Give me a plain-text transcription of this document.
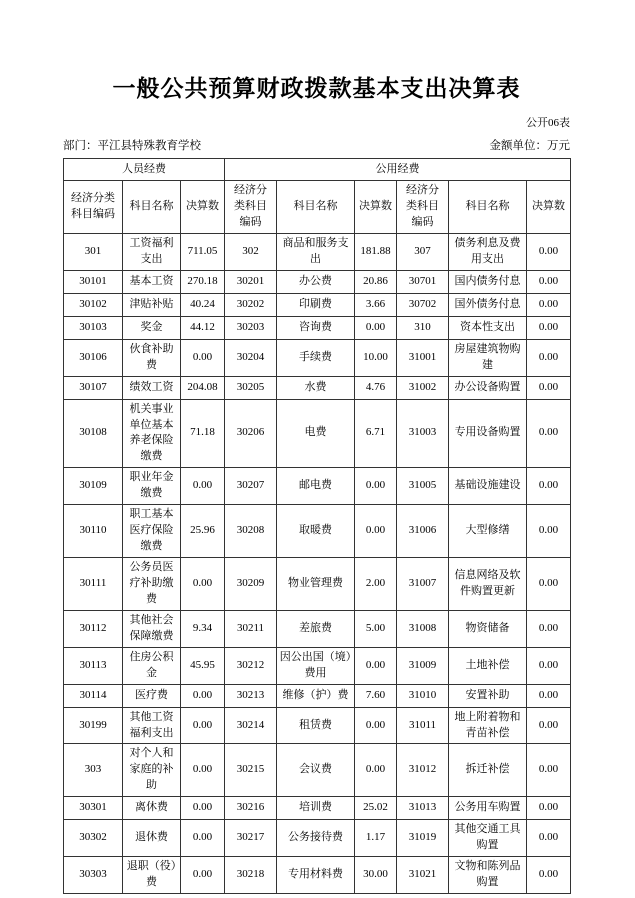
一般公共预算财政拨款基本支出决算表
公开06表
部门：平江县特殊教育学校	金额单位：万元
人员经费			公用经费					
经济分类科目编码	科目名称	决算数	经济分类科目编码	科目名称	决算数	经济分类科目编码	科目名称	决算数
301	工资福利支出	711.05	302	商品和服务支出	181.88	307	债务利息及费用支出	0.00
30101	基本工资	270.18	30201	办公费	20.86	30701	国内债务付息	0.00
30102	津贴补贴	40.24	30202	印刷费	3.66	30702	国外债务付息	0.00
30103	奖金	44.12	30203	咨询费	0.00	310	资本性支出	0.00
30106	伙食补助费	0.00	30204	手续费	10.00	31001	房屋建筑物购建	0.00
30107	绩效工资	204.08	30205	水费	4.76	31002	办公设备购置	0.00
30108	机关事业单位基本养老保险缴费	71.18	30206	电费	6.71	31003	专用设备购置	0.00
30109	职业年金缴费	0.00	30207	邮电费	0.00	31005	基础设施建设	0.00
30110	职工基本医疗保险缴费	25.96	30208	取暖费	0.00	31006	大型修缮	0.00
30111	公务员医疗补助缴费	0.00	30209	物业管理费	2.00	31007	信息网络及软件购置更新	0.00
30112	其他社会保障缴费	9.34	30211	差旅费	5.00	31008	物资储备	0.00
30113	住房公积金	45.95	30212	因公出国（境）费用	0.00	31009	土地补偿	0.00
30114	医疗费	0.00	30213	维修（护）费	7.60	31010	安置补助	0.00
30199	其他工资福利支出	0.00	30214	租赁费	0.00	31011	地上附着物和青苗补偿	0.00
303	对个人和家庭的补助	0.00	30215	会议费	0.00	31012	拆迁补偿	0.00
30301	离休费	0.00	30216	培训费	25.02	31013	公务用车购置	0.00
30302	退休费	0.00	30217	公务接待费	1.17	31019	其他交通工具购置	0.00
30303	退职（役）费	0.00	30218	专用材料费	30.00	31021	文物和陈列品购置	0.00
